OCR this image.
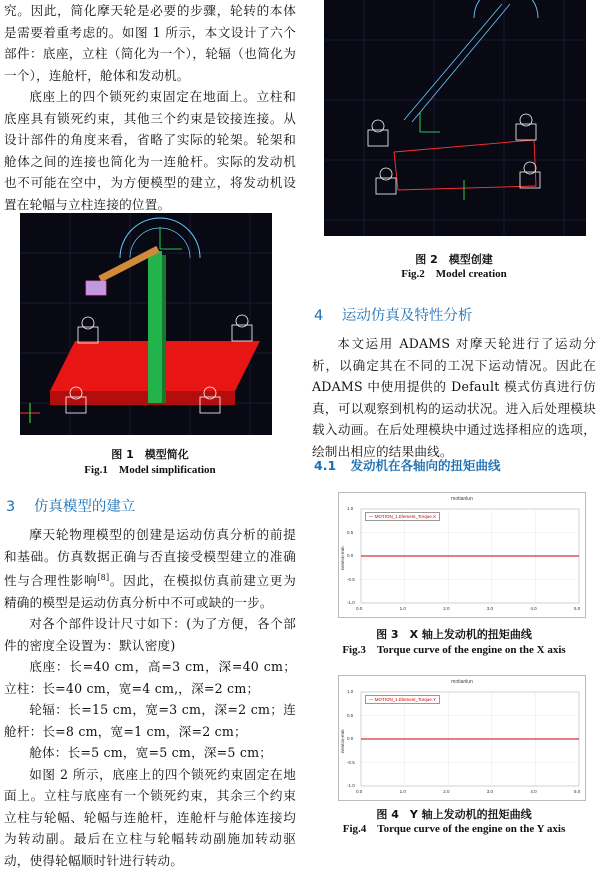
究。因此，简化摩天轮是必要的步骤，轮转的本体是需要着重考虑的。如图 1 所示，本文设计了六个部件：底座，立柱（简化为一个），轮辐（也简化为一个），连舱杆，舱体和发动机。

底座上的四个锁死约束固定在地面上。立柱和底座具有锁死约束，其他三个约束是铰接连接。从设计部件的角度来看，省略了实际的轮架。轮架和舱体之间的连接也简化为一连舱杆。实际的发动机也不可能在空中，为方便模型的建立，将发动机设置在轮幅与立柱连接的位置。

图 1　模型简化
Fig.1　Model simplification
3 仿真模型的建立

摩天轮物理模型的创建是运动仿真分析的前提和基础。仿真数据正确与否直接受模型建立的准确性与合理性影响[8]。因此，在模拟仿真前建立更为精确的模型是运动仿真分析中不可或缺的一步。

对各个部件设计尺寸如下：(为了方便，各个部件的密度全设置为：默认密度)

底座：长=40 cm，高=3 cm，深=40 cm；立柱：长=40 cm，宽=4 cm,，深=2 cm；

轮辐：长=15 cm，宽=3 cm，深=2 cm；连舱杆：长=8 cm，宽=1 cm，深=2 cm；

舱体：长=5 cm，宽=5 cm，深=5 cm；

如图 2 所示，底座上的四个锁死约束固定在地面上。立柱与底座有一个锁死约束，其余三个约束立柱与轮幅、轮幅与连舱杆，连舱杆与舱体连接均为转动副。最后在立柱与轮幅转动副施加转动驱动，使得轮幅顺时针进行转动。

图 2　模型创建
Fig.2　Model creation
4 运动仿真及特性分析

本文运用 ADAMS 对摩天轮进行了运动分析，以确定其在不同的工况下运动情况。因此在 ADAMS 中使用提供的 Default 模式仿真进行仿真，可以观察到机构的运动状况。进入后处理模块载入动画。在后处理模块中通过选择相应的选项，绘制出相应的结果曲线。

4.1 发动机在各轴向的扭矩曲线
motianlun
— MOTION_1.Element_Torque.X
0.0	1.0	2.0	3.0	4.0	5.0
1.0
0.5
0.0
-0.5
-1.0
newton-mm
图 3　X 轴上发动机的扭矩曲线
Fig.3　Torque curve of the engine on the X axis
motianlun
— MOTION_1.Element_Torque.Y
0.0	1.0	2.0	3.0	4.0	5.0
1.0
0.5
0.0
-0.5
-1.0
newton-mm
图 4　Y 轴上发动机的扭矩曲线
Fig.4　Torque curve of the engine on the Y axis
